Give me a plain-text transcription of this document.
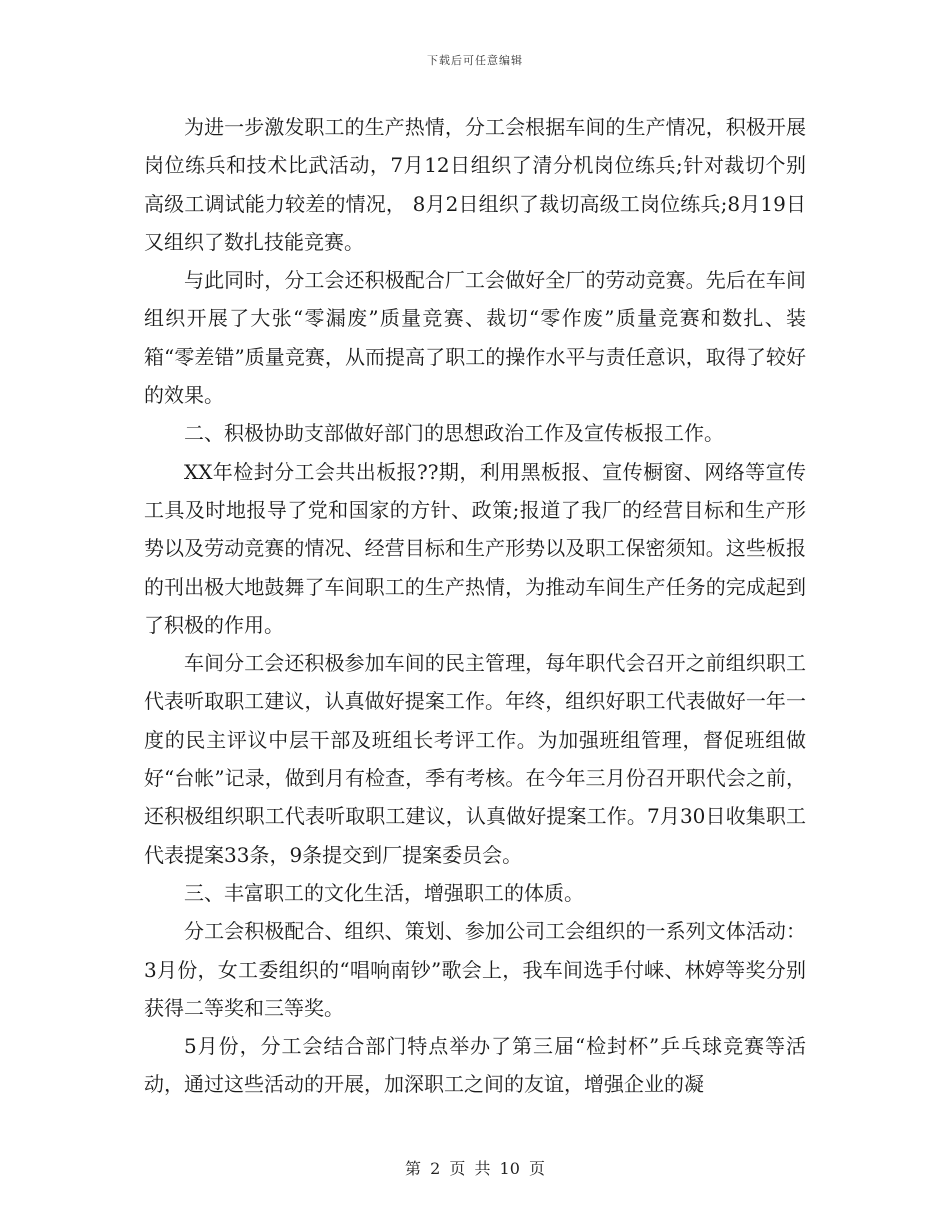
下载后可任意编辑

为进一步激发职工的生产热情，分工会根据车间的生产情况，积极开展岗位练兵和技术比武活动，7月12日组织了清分机岗位练兵;针对裁切个别高级工调试能力较差的情况， 8月2日组织了裁切高级工岗位练兵;8月19日又组织了数扎技能竞赛。

与此同时，分工会还积极配合厂工会做好全厂的劳动竞赛。先后在车间组织开展了大张“零漏废”质量竞赛、裁切“零作废”质量竞赛和数扎、装箱“零差错”质量竞赛，从而提高了职工的操作水平与责任意识，取得了较好的效果。

二、积极协助支部做好部门的思想政治工作及宣传板报工作。

XX年检封分工会共出板报??期，利用黑板报、宣传橱窗、网络等宣传工具及时地报导了党和国家的方针、政策;报道了我厂的经营目标和生产形势以及劳动竞赛的情况、经营目标和生产形势以及职工保密须知。这些板报的刊出极大地鼓舞了车间职工的生产热情，为推动车间生产任务的完成起到了积极的作用。

车间分工会还积极参加车间的民主管理，每年职代会召开之前组织职工代表听取职工建议，认真做好提案工作。年终，组织好职工代表做好一年一度的民主评议中层干部及班组长考评工作。为加强班组管理，督促班组做好“台帐”记录，做到月有检查，季有考核。在今年三月份召开职代会之前，还积极组织职工代表听取职工建议，认真做好提案工作。7月30日收集职工代表提案33条，9条提交到厂提案委员会。

三、丰富职工的文化生活，增强职工的体质。

分工会积极配合、组织、策划、参加公司工会组织的一系列文体活动：3月份，女工委组织的“唱响南钞”歌会上，我车间选手付崃、林婷等奖分别获得二等奖和三等奖。

5月份，分工会结合部门特点举办了第三届“检封杯”乒乓球竞赛等活动，通过这些活动的开展，加深职工之间的友谊，增强企业的凝

第 2 页 共 10 页
